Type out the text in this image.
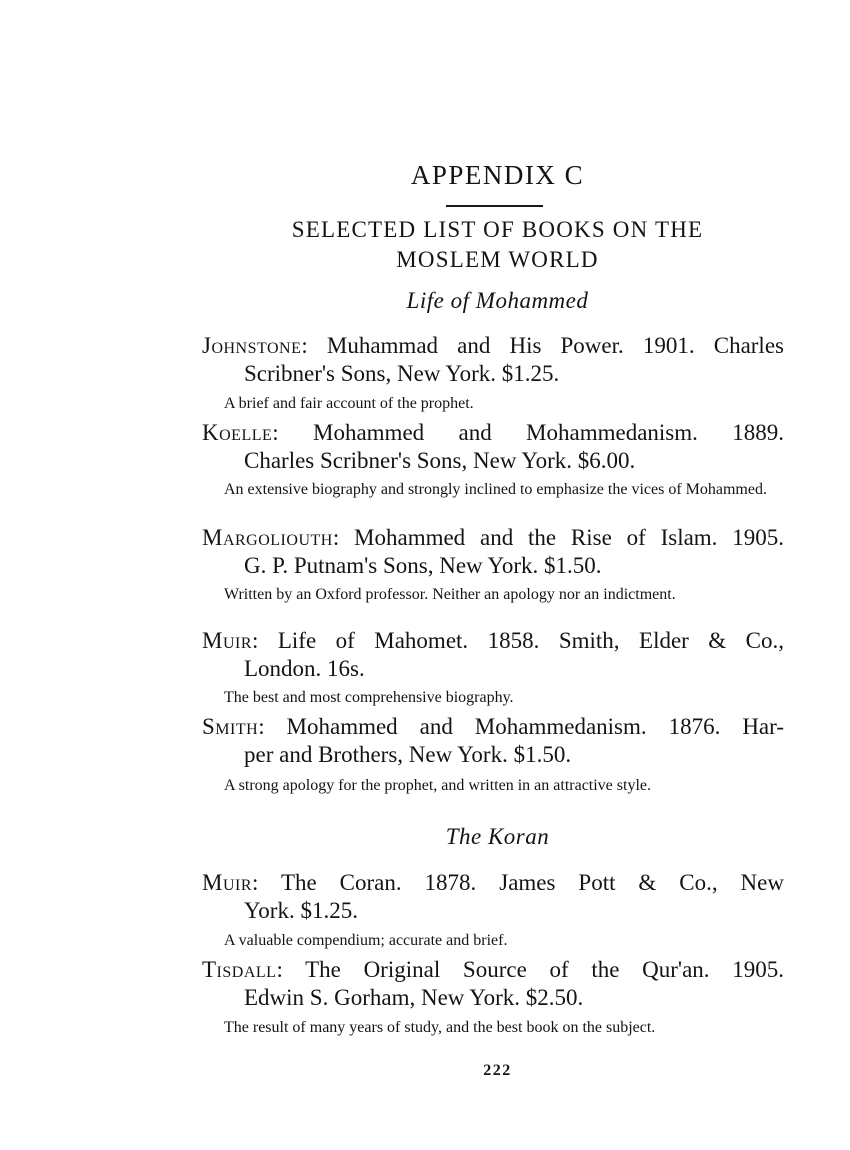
APPENDIX C
SELECTED LIST OF BOOKS ON THE
MOSLEM WORLD
Life of Mohammed
Johnstone: Muhammad and His Power. 1901. Charles
Scribner's Sons, New York. $1.25.
A brief and fair account of the prophet.
Koelle: Mohammed and Mohammedanism. 1889.
Charles Scribner's Sons, New York. $6.00.
An extensive biography and strongly inclined to emphasize the vices of Mohammed.
Margoliouth: Mohammed and the Rise of Islam. 1905.
G. P. Putnam's Sons, New York. $1.50.
Written by an Oxford professor. Neither an apology nor an indictment.
Muir: Life of Mahomet. 1858. Smith, Elder & Co.,
London. 16s.
The best and most comprehensive biography.
Smith: Mohammed and Mohammedanism. 1876. Har-
per and Brothers, New York. $1.50.
A strong apology for the prophet, and written in an attractive style.
The Koran
Muir: The Coran. 1878. James Pott & Co., New
York. $1.25.
A valuable compendium; accurate and brief.
Tisdall: The Original Source of the Qur'an. 1905.
Edwin S. Gorham, New York. $2.50.
The result of many years of study, and the best book on the subject.
222
